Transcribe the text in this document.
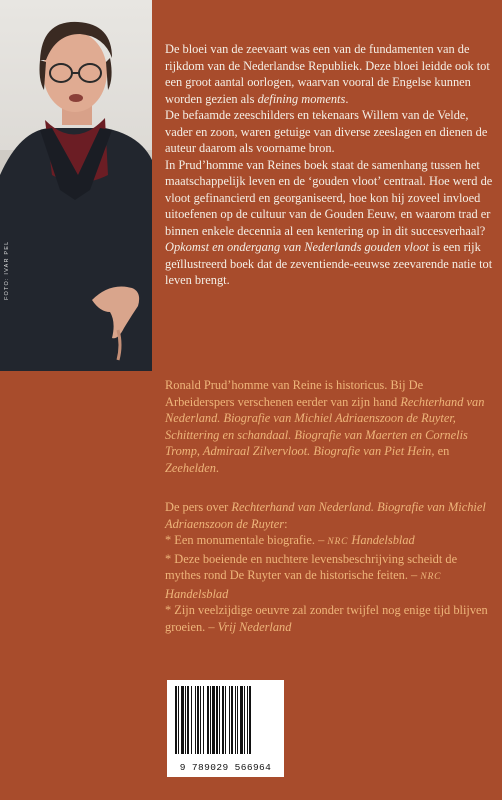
FOTO: IVAR PEL

De bloei van de zeevaart was een van de fundamenten van de rijkdom van de Nederlandse Republiek. Deze bloei leidde ook tot een groot aantal oorlogen, waarvan vooral de Engelse kunnen worden gezien als defining moments.

De befaamde zeeschilders en tekenaars Willem van de Velde, vader en zoon, waren getuige van diverse zeeslagen en dienen de auteur daarom als voorname bron.

In Prud’homme van Reines boek staat de samenhang tussen het maatschappelijk leven en de ‘gouden vloot’ centraal. Hoe werd de vloot gefinancierd en georganiseerd, hoe kon hij zoveel invloed uitoefenen op de cultuur van de Gouden Eeuw, en waarom trad er binnen enkele decennia al een kentering op in dit succesverhaal?

Opkomst en ondergang van Nederlands gouden vloot is een rijk geïllustreerd boek dat de zeventiende-eeuwse zeevarende natie tot leven brengt.

Ronald Prud’homme van Reine is historicus. Bij De Arbeiderspers verschenen eerder van zijn hand Rechterhand van Nederland. Biografie van Michiel Adriaenszoon de Ruyter, Schittering en schandaal. Biografie van Maerten en Cornelis Tromp, Admiraal Zilvervloot. Biografie van Piet Hein, en Zeehelden.

De pers over Rechterhand van Nederland. Biografie van Michiel Adriaenszoon de Ruyter:

* Een monumentale biografie. – NRC Handelsblad

* Deze boeiende en nuchtere levensbeschrijving scheidt de mythes rond De Ruyter van de historische feiten. – NRC Handelsblad

* Zijn veelzijdige oeuvre zal zonder twijfel nog enige tijd blijven groeien. – Vrij Nederland

9 789029 566964
